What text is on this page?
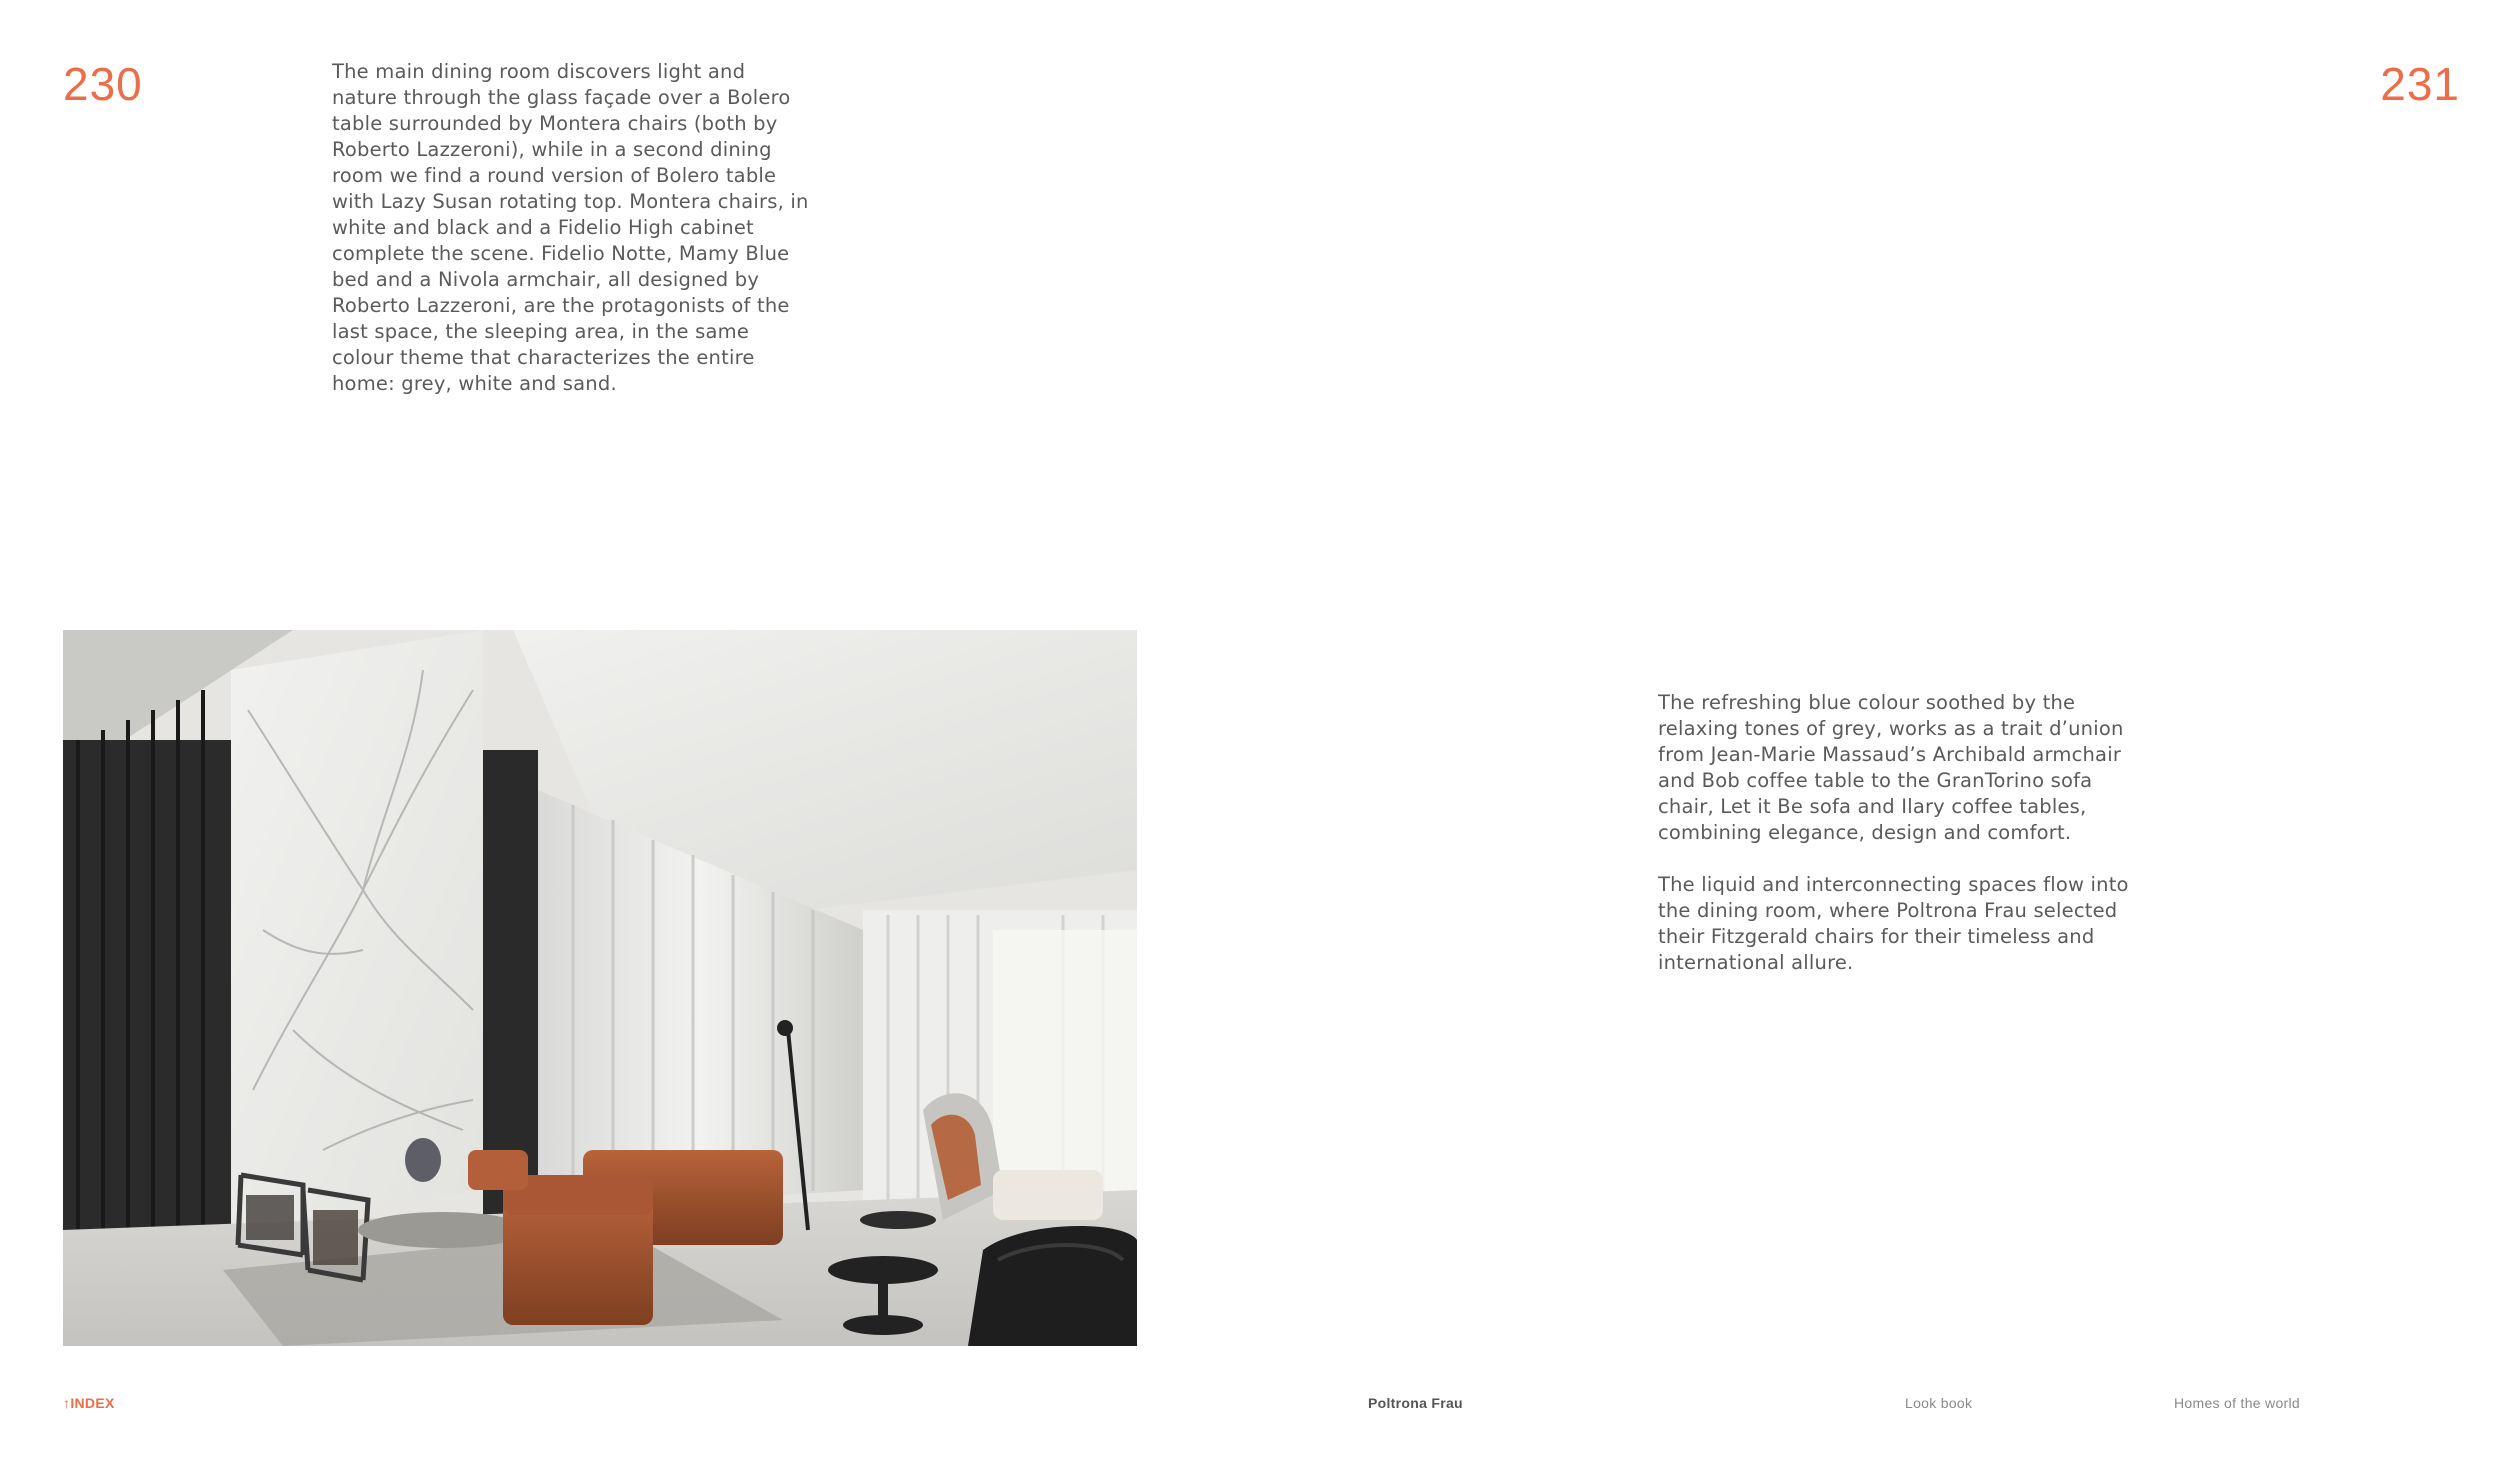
230	231

The main dining room discovers light and nature through the glass façade over a Bolero table surrounded by Montera chairs (both by Roberto Lazzeroni), while in a second dining room we find a round version of Bolero table with Lazy Susan rotating top. Montera chairs, in white and black and a Fidelio High cabinet complete the scene. Fidelio Notte, Mamy Blue bed and a Nivola armchair, all designed by Roberto Lazzeroni, are the protagonists of the last space, the sleeping area, in the same colour theme that characterizes the entire home: grey, white and sand.

The refreshing blue colour soothed by the relaxing tones of grey, works as a trait d’union from Jean-Marie Massaud’s Archibald armchair and Bob coffee table to the GranTorino sofa chair, Let it Be sofa and Ilary coffee tables, combining elegance, design and comfort.

The liquid and interconnecting spaces flow into the dining room, where Poltrona Frau selected their Fitzgerald chairs for their timeless and international allure.

↑INDEX	Poltrona Frau	Look book	Homes of the world
